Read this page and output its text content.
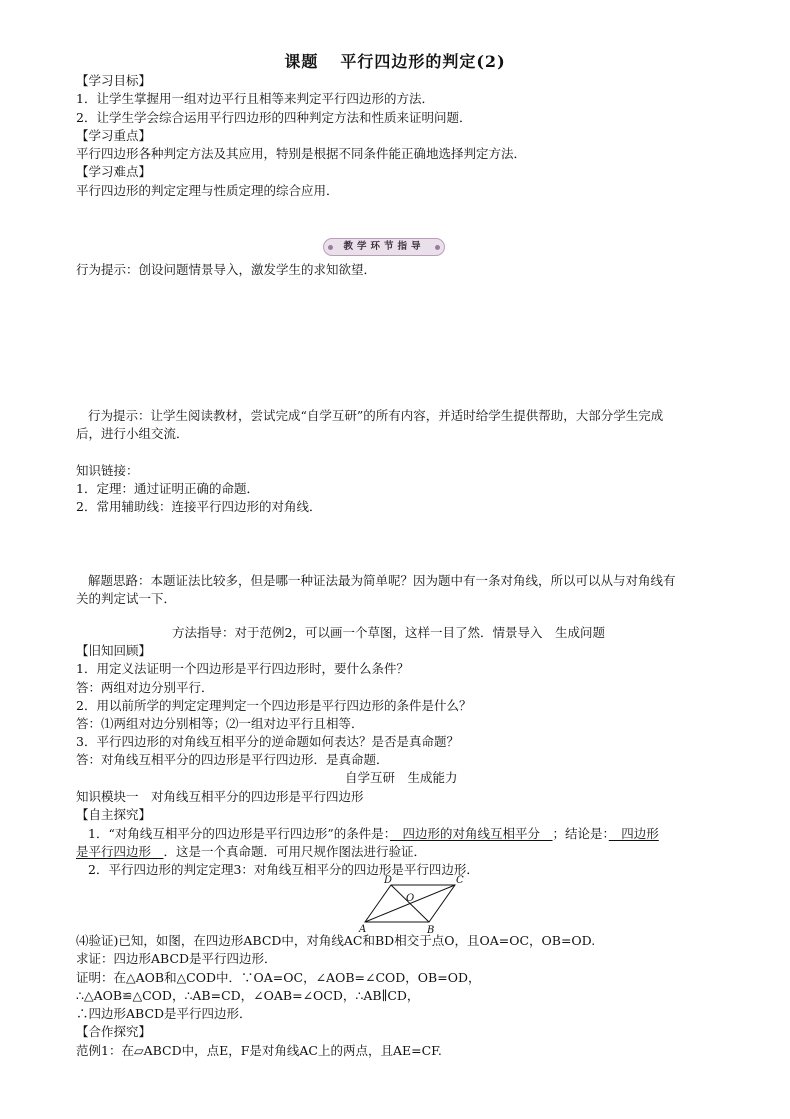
课题 平行四边形的判定(2)
【学习目标】
1．让学生掌握用一组对边平行且相等来判定平行四边形的方法．
2．让学生学会综合运用平行四边形的四种判定方法和性质来证明问题．
【学习重点】
平行四边形各种判定方法及其应用，特别是根据不同条件能正确地选择判定方法．
【学习难点】
平行四边形的判定定理与性质定理的综合应用．
教学环节指导
行为提示：创设问题情景导入，激发学生的求知欲望．
行为提示：让学生阅读教材，尝试完成“自学互研”的所有内容，并适时给学生提供帮助，大部分学生完成
后，进行小组交流．
知识链接：
1．定理：通过证明正确的命题．
2．常用辅助线：连接平行四边形的对角线．
解题思路：本题证法比较多，但是哪一种证法最为简单呢？因为题中有一条对角线，所以可以从与对角线有
关的判定试一下．
方法指导：对于范例2，可以画一个草图，这样一目了然．情景导入　生成问题
【旧知回顾】
1．用定义法证明一个四边形是平行四边形时，要什么条件？
答：两组对边分别平行．
2．用以前所学的判定定理判定一个四边形是平行四边形的条件是什么？
答：⑴两组对边分别相等；⑵一组对边平行且相等．
3．平行四边形的对角线互相平分的逆命题如何表达？是否是真命题？
答：对角线互相平分的四边形是平行四边形．是真命题．
自学互研　生成能力
知识模块一　对角线互相平分的四边形是平行四边形
【自主探究】
1．“对角线互相平分的四边形是平行四边形”的条件是：　四边形的对角线互相平分　；结论是：　四边形
是平行四边形　．这是一个真命题．可用尺规作图法进行验证．
2．平行四边形的判定定理3：对角线互相平分的四边形是平行四边形．
D	C
O
A	B
⑷验证)已知，如图，在四边形ABCD中，对角线AC和BD相交于点O，且OA=OC，OB=OD.
求证：四边形ABCD是平行四边形．
证明：在△AOB和△COD中．∵OA=OC，∠AOB=∠COD，OB=OD，
∴△AOB≌△COD，∴AB=CD，∠OAB=∠OCD，∴AB∥CD，
∴四边形ABCD是平行四边形．
【合作探究】
范例1：在▱ABCD中，点E，F是对角线AC上的两点，且AE=CF.
